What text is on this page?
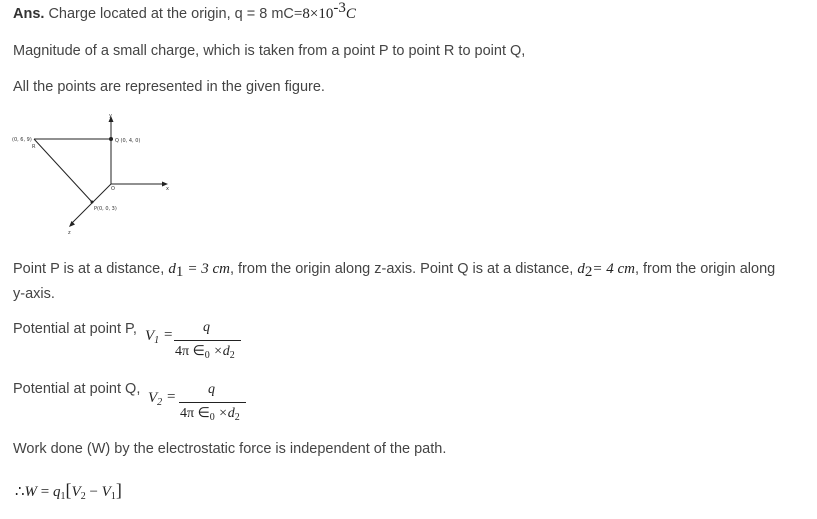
Ans. Charge located at the origin, q = 8 $mC=8\times 10^{-3}C$
Magnitude of a small charge, which is taken from a point P to point R to point Q,
All the points are represented in the given figure.
(0, 6, 9)
R
Q (0, 4, 0)
O
P(0, 0, 3)
y
x
z
Point P is at a distance, $d_1 = 3$ cm, from the origin along z-axis. Point Q is at a distance, $d_2= 4$ cm, from the origin along
y-axis.
Potential at point P, $V_1 = q$
4π $\in_0 \times d_2$
Potential at point Q,
$V_2 = q$
4π $\in_0 \times d_2$
Work done (W) by the electrostatic force is independent of the path.
∴W = $q_1[V_2 - V_1]$
